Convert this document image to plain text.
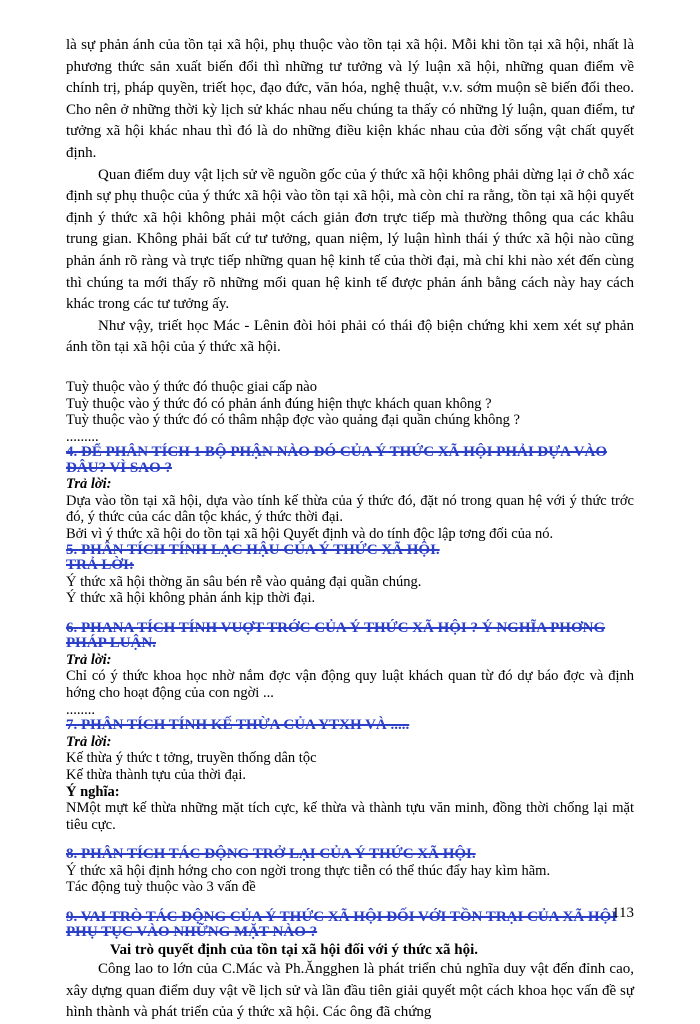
là sự phản ánh của tồn tại xã hội, phụ thuộc vào tồn tại xã hội. Mỗi khi tồn tại xã hội, nhất là phương thức sản xuất biến đổi thì những tư tưởng và lý luận xã hội, những quan điểm về chính trị, pháp quyền, triết học, đạo đức, văn hóa, nghệ thuật, v.v. sớm muộn sẽ biến đổi theo. Cho nên ở những thời kỳ lịch sử khác nhau nếu chúng ta thấy có những lý luận, quan điểm, tư tưởng xã hội khác nhau thì đó là do những điều kiện khác nhau của đời sống vật chất quyết định.

Quan điểm duy vật lịch sử về nguồn gốc của ý thức xã hội không phải dừng lại ở chỗ xác định sự phụ thuộc của ý thức xã hội vào tồn tại xã hội, mà còn chỉ ra rằng, tồn tại xã hội quyết định ý thức xã hội không phải một cách giản đơn trực tiếp mà thường thông qua các khâu trung gian. Không phải bất cứ tư tưởng, quan niệm, lý luận hình thái ý thức xã hội nào cũng phản ánh rõ ràng và trực tiếp những quan hệ kinh tế của thời đại, mà chỉ khi nào xét đến cùng thì chúng ta mới thấy rõ những mối quan hệ kinh tế được phản ánh bằng cách này hay cách khác trong các tư tưởng ấy.

Như vậy, triết học Mác - Lênin đòi hỏi phải có thái độ biện chứng khi xem xét sự phản ánh tồn tại xã hội của ý thức xã hội.

Tuỳ thuộc vào ý thức đó thuộc giai cấp nào

Tuỳ thuộc vào ý thức đó có phản ánh đúng hiện thực khách quan không ?

Tuỳ thuộc vào ý thức đó có thâm nhập đợc vào quảng đại quần chúng không ?

.........

4. ĐỂ PHÂN TÍCH 1 BỘ PHẬN NÀO ĐÓ CỦA Ý THỨC XÃ HỘI PHẢI DỰA VÀO ĐÂU? VÌ SAO ?

Trả lời:

Dựa vào tồn tại xã hội, dựa vào tính kế thừa của ý thức đó, đặt nó trong quan hệ với ý thức trớc đó, ý thức của các dân tộc khác, ý thức thời đại.

Bởi vì ý thức xã hội do tồn tại xã hội Quyết định và do tính độc lập tơng đối của nó.

5. PHÂN TÍCH TÍNH LẠC HẬU CỦA Ý THỨC XÃ HỘI.

TRẢ LỜI:

Ý thức xã hội thờng ăn sâu bén rễ vào quảng đại quần chúng.

Ý thức xã hội không phản ánh kịp thời đại.

6. PHANA TÍCH TÍNH VUỢT TRỚC CỦA Ý THỨC XÃ HỘI ? Ý NGHĨA PHƠNG PHÁP LUẬN.

Trả lời:

Chỉ có ý thức khoa học nhờ nắm đợc vận động quy luật khách quan từ đó dự báo đợc và định hớng cho hoạt động của con ngời ...

........

7. PHÂN TÍCH TÍNH KẾ THỪA CỦA YTXH VÀ .....

Trả lời:

Kế thừa ý thức t tởng, truyền thống dân tộc

Kế thừa thành tựu của thời đại.

Ý nghĩa:

NMột mựt kế thừa những mặt tích cực, kế thừa và thành tựu văn minh, đồng thời chống lại mặt tiêu cực.

8. PHÂN TÍCH TÁC ĐỘNG TRỞ LẠI CỦA Ý THỨC XÃ HỘI.

Ý thức xã hội định hớng cho con ngời trong thực tiễn có thể thúc đẩy hay kìm hãm.

Tác động tuỳ thuộc vào 3 vấn đề

9. VAI TRÒ TÁC ĐỘNG CỦA Ý THỨC XÃ HỘI ĐỐI VỚI TỒN TRẠI CỦA XÃ HỘI PHỤ TỤC VÀO NHỮNG MẶT NÀO ?

Vai trò quyết định của tồn tại xã hội đối với ý thức xã hội.

Công lao to lớn của C.Mác và Ph.Ăngghen là phát triển chủ nghĩa duy vật đến đỉnh cao, xây dựng quan điểm duy vật về lịch sử và lần đầu tiên giải quyết một cách khoa học vấn đề sự hình thành và phát triển của ý thức xã hội. Các ông đã chứng

113
